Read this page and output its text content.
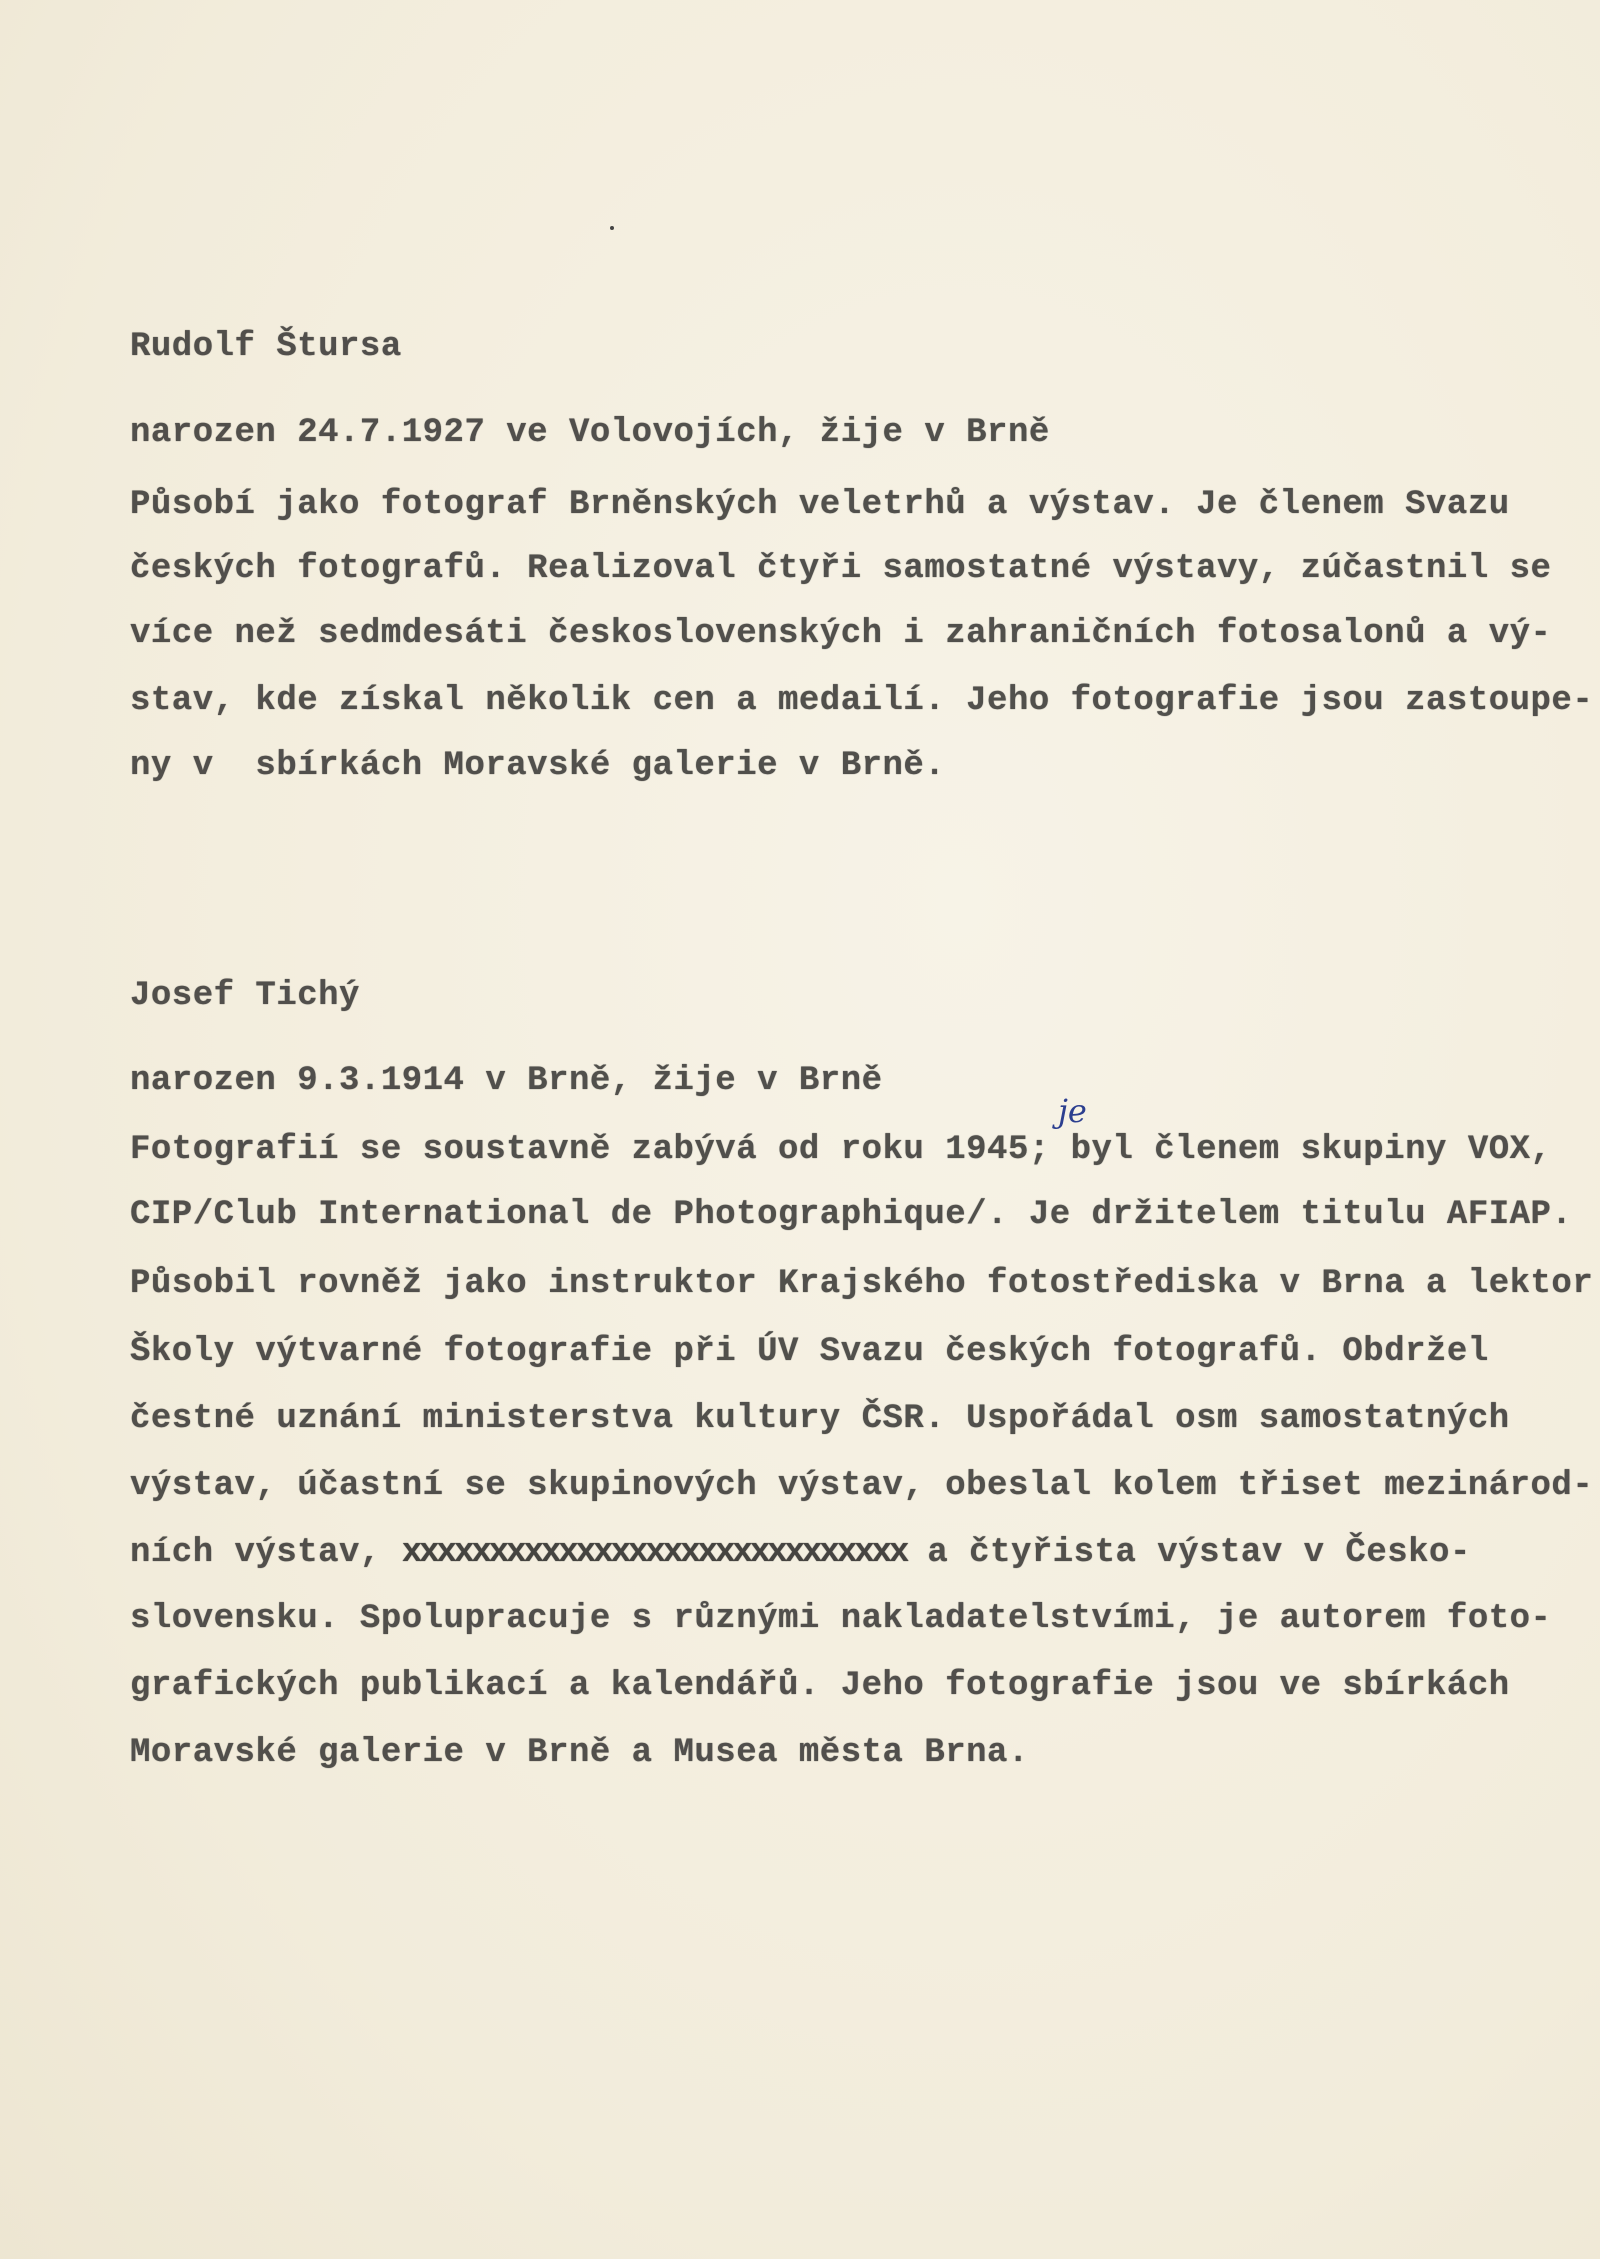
Rudolf Štursa
narozen 24.7.1927 ve Volovojích, žije v Brně
Působí jako fotograf Brněnských veletrhů a výstav. Je členem Svazu
českých fotografů. Realizoval čtyři samostatné výstavy, zúčastnil se
více než sedmdesáti československých i zahraničních fotosalonů a vý-
stav, kde získal několik cen a medailí. Jeho fotografie jsou zastoupe-
ny v  sbírkách Moravské galerie v Brně.
Josef Tichý
narozen 9.3.1914 v Brně, žije v Brně
je
Fotografií se soustavně zabývá od roku 1945; byl členem skupiny VOX,
CIP/Club International de Photographique/. Je držitelem titulu AFIAP.
Působil rovněž jako instruktor Krajského fotostřediska v Brna a lektor
Školy výtvarné fotografie při ÚV Svazu českých fotografů. Obdržel
čestné uznání ministerstva kultury ČSR. Uspořádal osm samostatných
výstav, účastní se skupinových výstav, obeslal kolem třiset mezinárod-
ních výstav, xxxxxxxxxxxxxxxxxxxxxxxxxxxxx a čtyřista výstav v Česko-
slovensku. Spolupracuje s různými nakladatelstvími, je autorem foto-
grafických publikací a kalendářů. Jeho fotografie jsou ve sbírkách
Moravské galerie v Brně a Musea města Brna.
